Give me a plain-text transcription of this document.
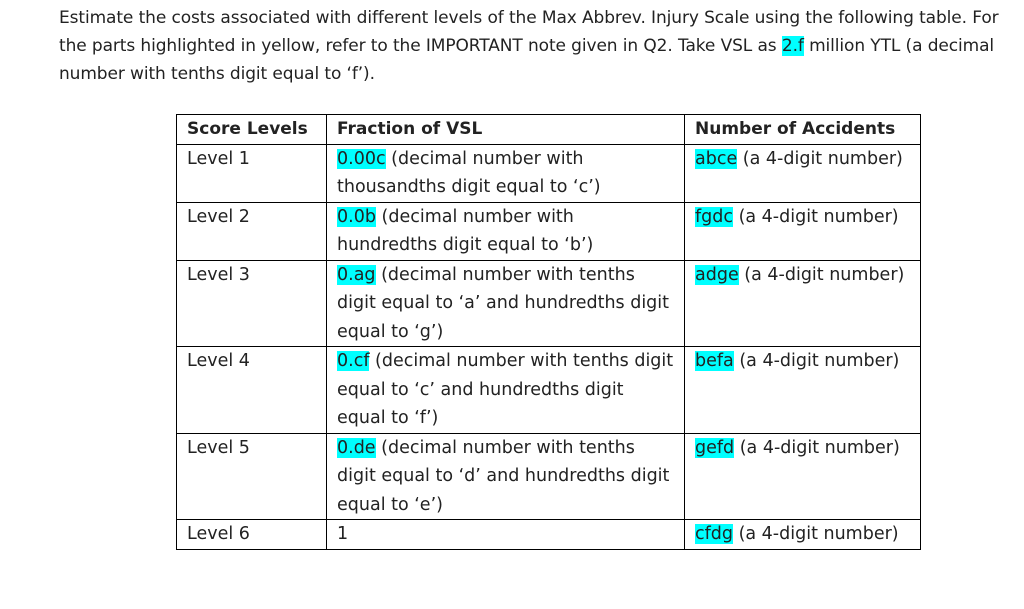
Estimate the costs associated with different levels of the Max Abbrev. Injury Scale using the following table. For the parts highlighted in yellow, refer to the IMPORTANT note given in Q2. Take VSL as 2.f million YTL (a decimal number with tenths digit equal to ‘f’).
Score Levels	Fraction of VSL	Number of Accidents
Level 1	0.00c (decimal number with thousandths digit equal to ‘c’)	abce (a 4-digit number)
Level 2	0.0b (decimal number with hundredths digit equal to ‘b’)	fgdc (a 4-digit number)
Level 3	0.ag (decimal number with tenths digit equal to ‘a’ and hundredths digit equal to ‘g’)	adge (a 4-digit number)
Level 4	0.cf (decimal number with tenths digit equal to ‘c’ and hundredths digit equal to ‘f’)	befa (a 4-digit number)
Level 5	0.de (decimal number with tenths digit equal to ‘d’ and hundredths digit equal to ‘e’)	gefd (a 4-digit number)
Level 6	1	cfdg (a 4-digit number)
